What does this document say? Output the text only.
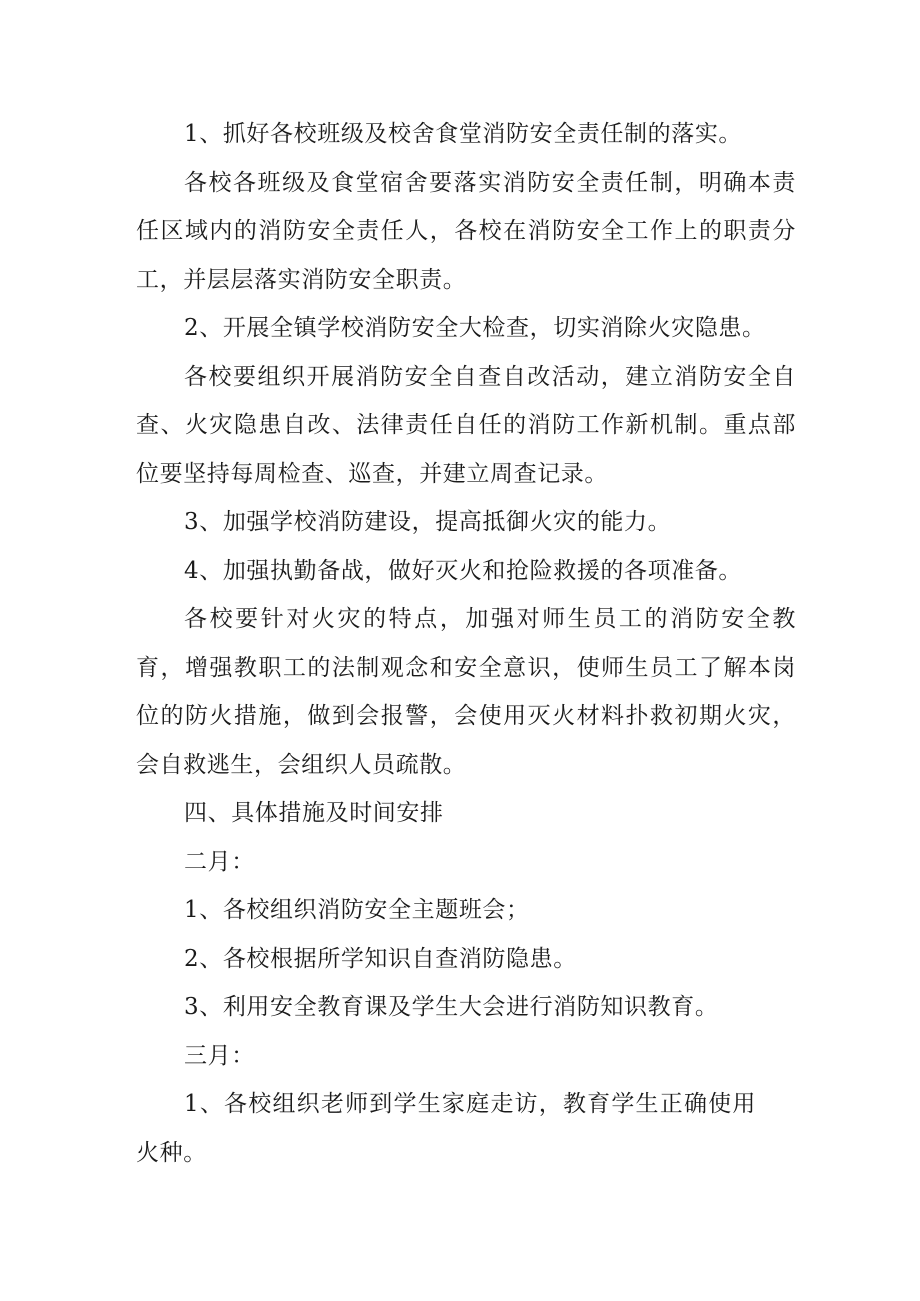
1、抓好各校班级及校舍食堂消防安全责任制的落实。

各校各班级及食堂宿舍要落实消防安全责任制，明确本责任区域内的消防安全责任人，各校在消防安全工作上的职责分工，并层层落实消防安全职责。

2、开展全镇学校消防安全大检查，切实消除火灾隐患。

各校要组织开展消防安全自查自改活动，建立消防安全自查、火灾隐患自改、法律责任自任的消防工作新机制。重点部位要坚持每周检查、巡查，并建立周查记录。

3、加强学校消防建设，提高抵御火灾的能力。

4、加强执勤备战，做好灭火和抢险救援的各项准备。

各校要针对火灾的特点，加强对师生员工的消防安全教育，增强教职工的法制观念和安全意识，使师生员工了解本岗位的防火措施，做到会报警，会使用灭火材料扑救初期火灾，会自救逃生，会组织人员疏散。

四、具体措施及时间安排

二月：

1、各校组织消防安全主题班会；

2、各校根据所学知识自查消防隐患。

3、利用安全教育课及学生大会进行消防知识教育。

三月：

1、各校组织老师到学生家庭走访，教育学生正确使用火种。
